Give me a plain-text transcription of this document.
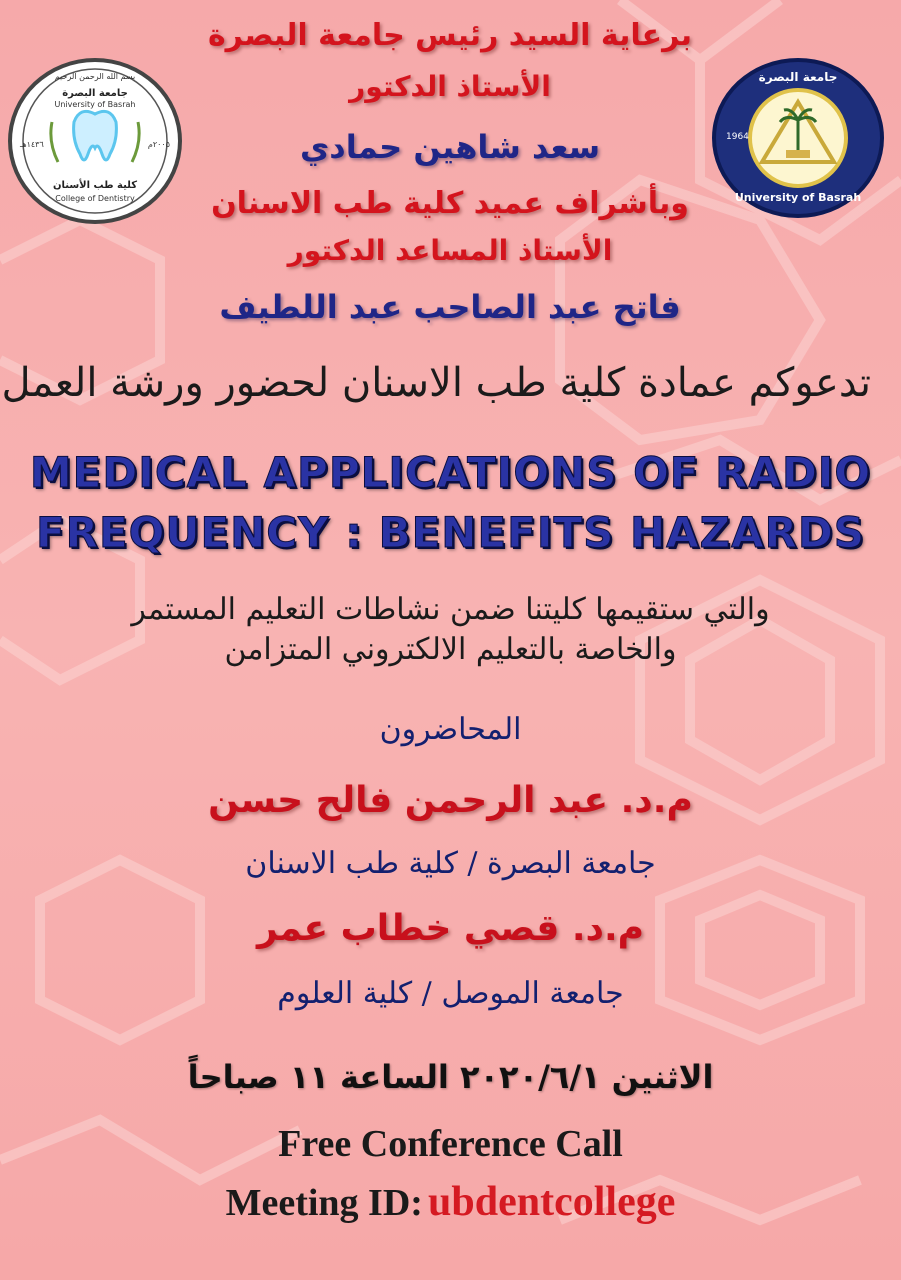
بسم الله الرحمن الرحيم
جامعة البصرة
University of Basrah
١٤٣٦هـ	٢٠٠٥م
كلية طب الأسنان
College of Dentistry
جامعة البصرة
1964
University of Basrah
برعاية السيد رئيس جامعة البصرة
الأستاذ الدكتور
سعد شاهين حمادي
وبأشراف عميد كلية طب الاسنان
الأستاذ المساعد الدكتور
فاتح عبد الصاحب عبد اللطيف
تدعوكم عمادة كلية طب الاسنان لحضور ورشة العمل
MEDICAL APPLICATIONS OF RADIO
FREQUENCY : BENEFITS HAZARDS
والتي ستقيمها كليتنا ضمن نشاطات التعليم المستمر
والخاصة بالتعليم الالكتروني المتزامن
المحاضرون
م.د. عبد الرحمن فالح حسن
جامعة البصرة / كلية طب الاسنان
م.د. قصي خطاب عمر
جامعة الموصل / كلية العلوم
الاثنين ٢٠٢٠/٦/١ الساعة ١١ صباحاً
Free Conference Call
Meeting ID: ubdentcollege
